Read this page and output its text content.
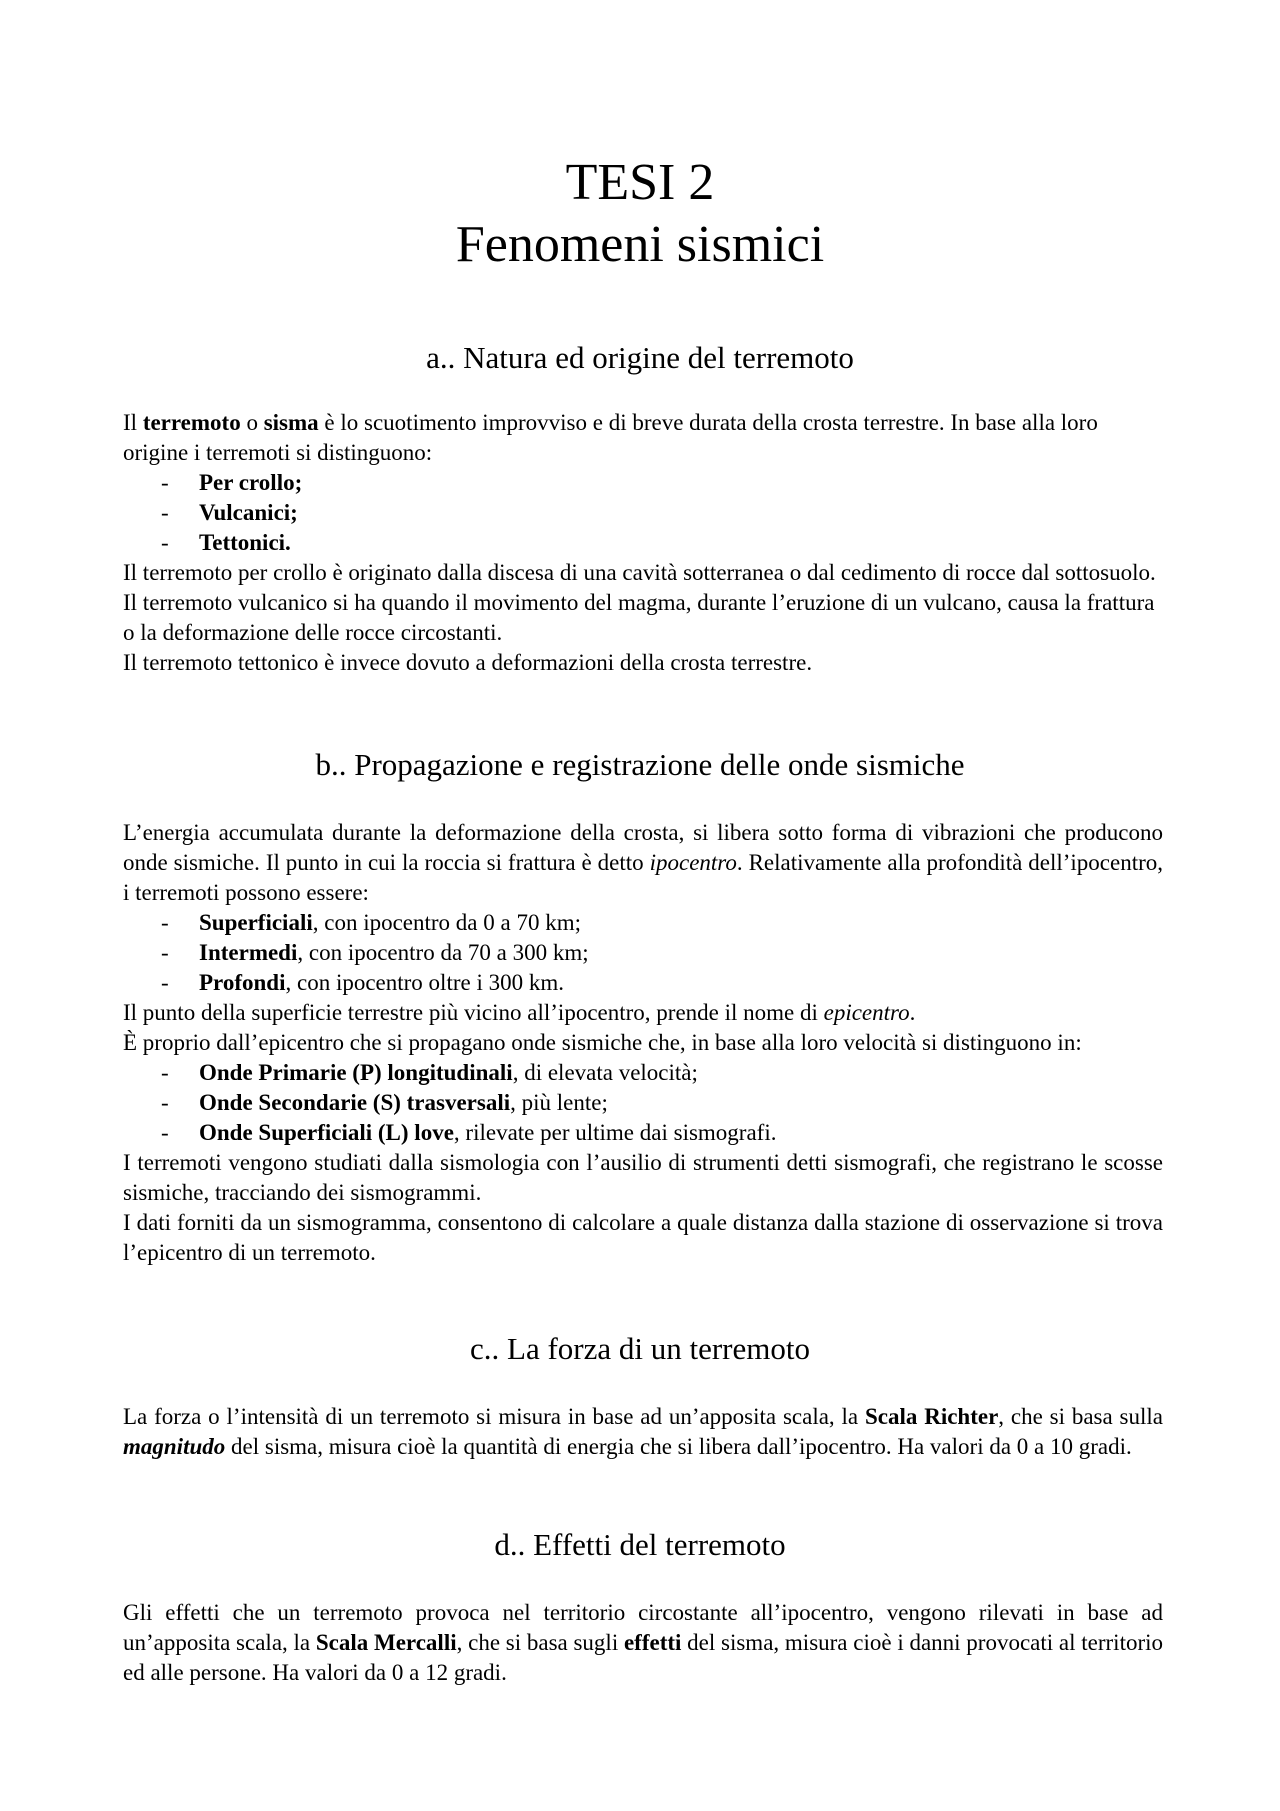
TESI 2
Fenomeni sismici
a.. Natura ed origine del terremoto
Il terremoto o sisma è lo scuotimento improvviso e di breve durata della crosta terrestre. In base alla loro origine i terremoti si distinguono:
- Per crollo;
- Vulcanici;
- Tettonici.
Il terremoto per crollo è originato dalla discesa di una cavità sotterranea o dal cedimento di rocce dal sottosuolo.
Il terremoto vulcanico si ha quando il movimento del magma, durante l’eruzione di un vulcano, causa la frattura o la deformazione delle rocce circostanti.
Il terremoto tettonico è invece dovuto a deformazioni della crosta terrestre.
b.. Propagazione e registrazione delle onde sismiche
L’energia accumulata durante la deformazione della crosta, si libera sotto forma di vibrazioni che producono onde sismiche. Il punto in cui la roccia si frattura è detto ipocentro. Relativamente alla profondità dell’ipocentro, i terremoti possono essere:
- Superficiali, con ipocentro da 0 a 70 km;
- Intermedi, con ipocentro da 70 a 300 km;
- Profondi, con ipocentro oltre i 300 km.
Il punto della superficie terrestre più vicino all’ipocentro, prende il nome di epicentro.
È proprio dall’epicentro che si propagano onde sismiche che, in base alla loro velocità si distinguono in:
- Onde Primarie (P) longitudinali, di elevata velocità;
- Onde Secondarie (S) trasversali, più lente;
- Onde Superficiali (L) love, rilevate per ultime dai sismografi.
I terremoti vengono studiati dalla sismologia con l’ausilio di strumenti detti sismografi, che registrano le scosse sismiche, tracciando dei sismogrammi.
I dati forniti da un sismogramma, consentono di calcolare a quale distanza dalla stazione di osservazione si trova l’epicentro di un terremoto.
c.. La forza di un terremoto
La forza o l’intensità di un terremoto si misura in base ad un’apposita scala, la Scala Richter, che si basa sulla magnitudo del sisma, misura cioè la quantità di energia che si libera dall’ipocentro. Ha valori da 0 a 10 gradi.
d.. Effetti del terremoto
Gli effetti che un terremoto provoca nel territorio circostante all’ipocentro, vengono rilevati in base ad un’apposita scala, la Scala Mercalli, che si basa sugli effetti del sisma, misura cioè i danni provocati al territorio ed alle persone. Ha valori da 0 a 12 gradi.
